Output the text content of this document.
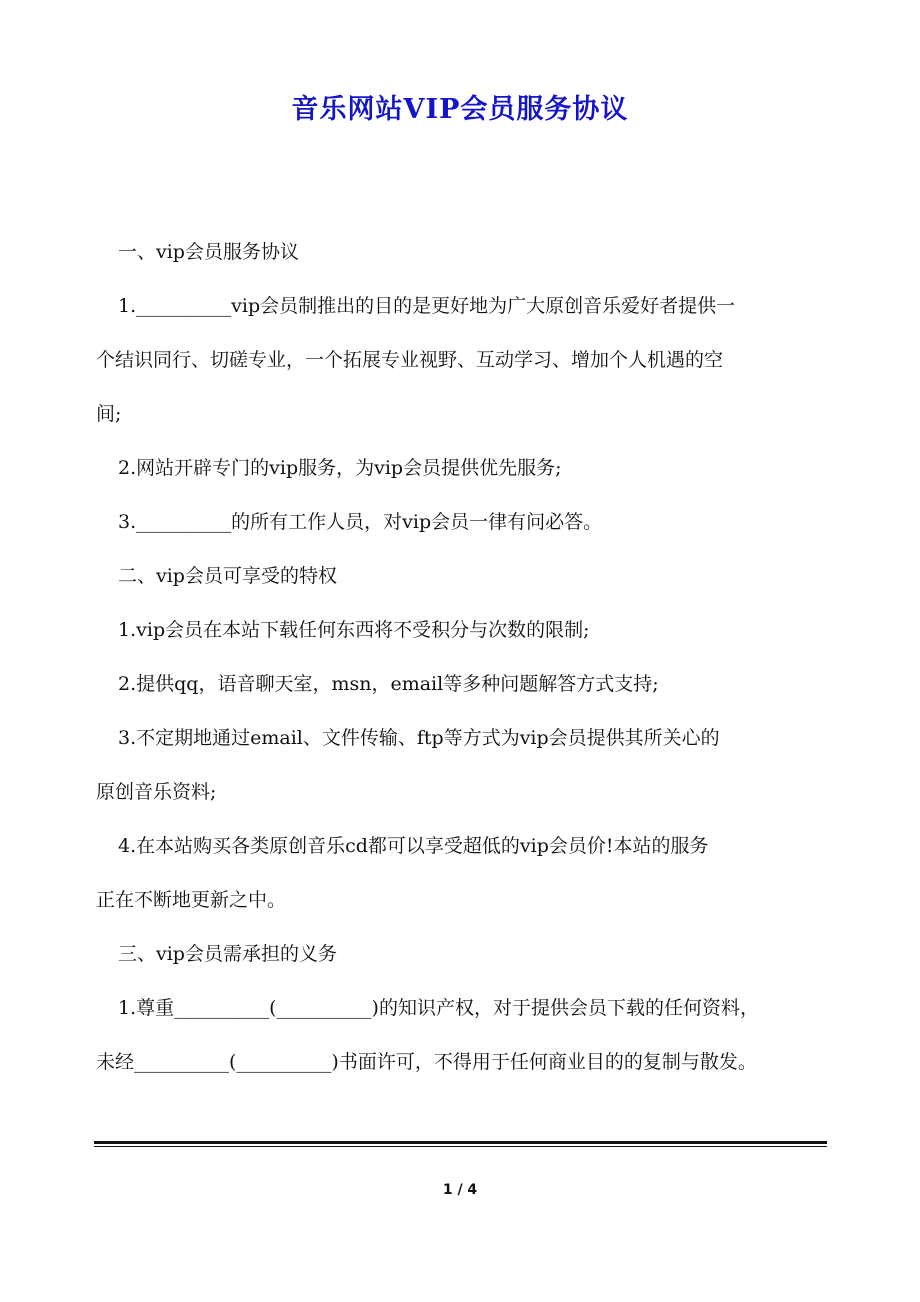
音乐网站VIP会员服务协议

一、vip会员服务协议

1.__________vip会员制推出的目的是更好地为广大原创音乐爱好者提供一

个结识同行、切磋专业，一个拓展专业视野、互动学习、增加个人机遇的空

间;

2.网站开辟专门的vip服务，为vip会员提供优先服务;

3.__________的所有工作人员，对vip会员一律有问必答。

二、vip会员可享受的特权

1.vip会员在本站下载任何东西将不受积分与次数的限制;

2.提供qq，语音聊天室，msn，email等多种问题解答方式支持;

3.不定期地通过email、文件传输、ftp等方式为vip会员提供其所关心的

原创音乐资料;

4.在本站购买各类原创音乐cd都可以享受超低的vip会员价!本站的服务

正在不断地更新之中。

三、vip会员需承担的义务

1.尊重__________(__________)的知识产权，对于提供会员下载的任何资料，

未经__________(__________)书面许可，不得用于任何商业目的的复制与散发。

1 / 4
